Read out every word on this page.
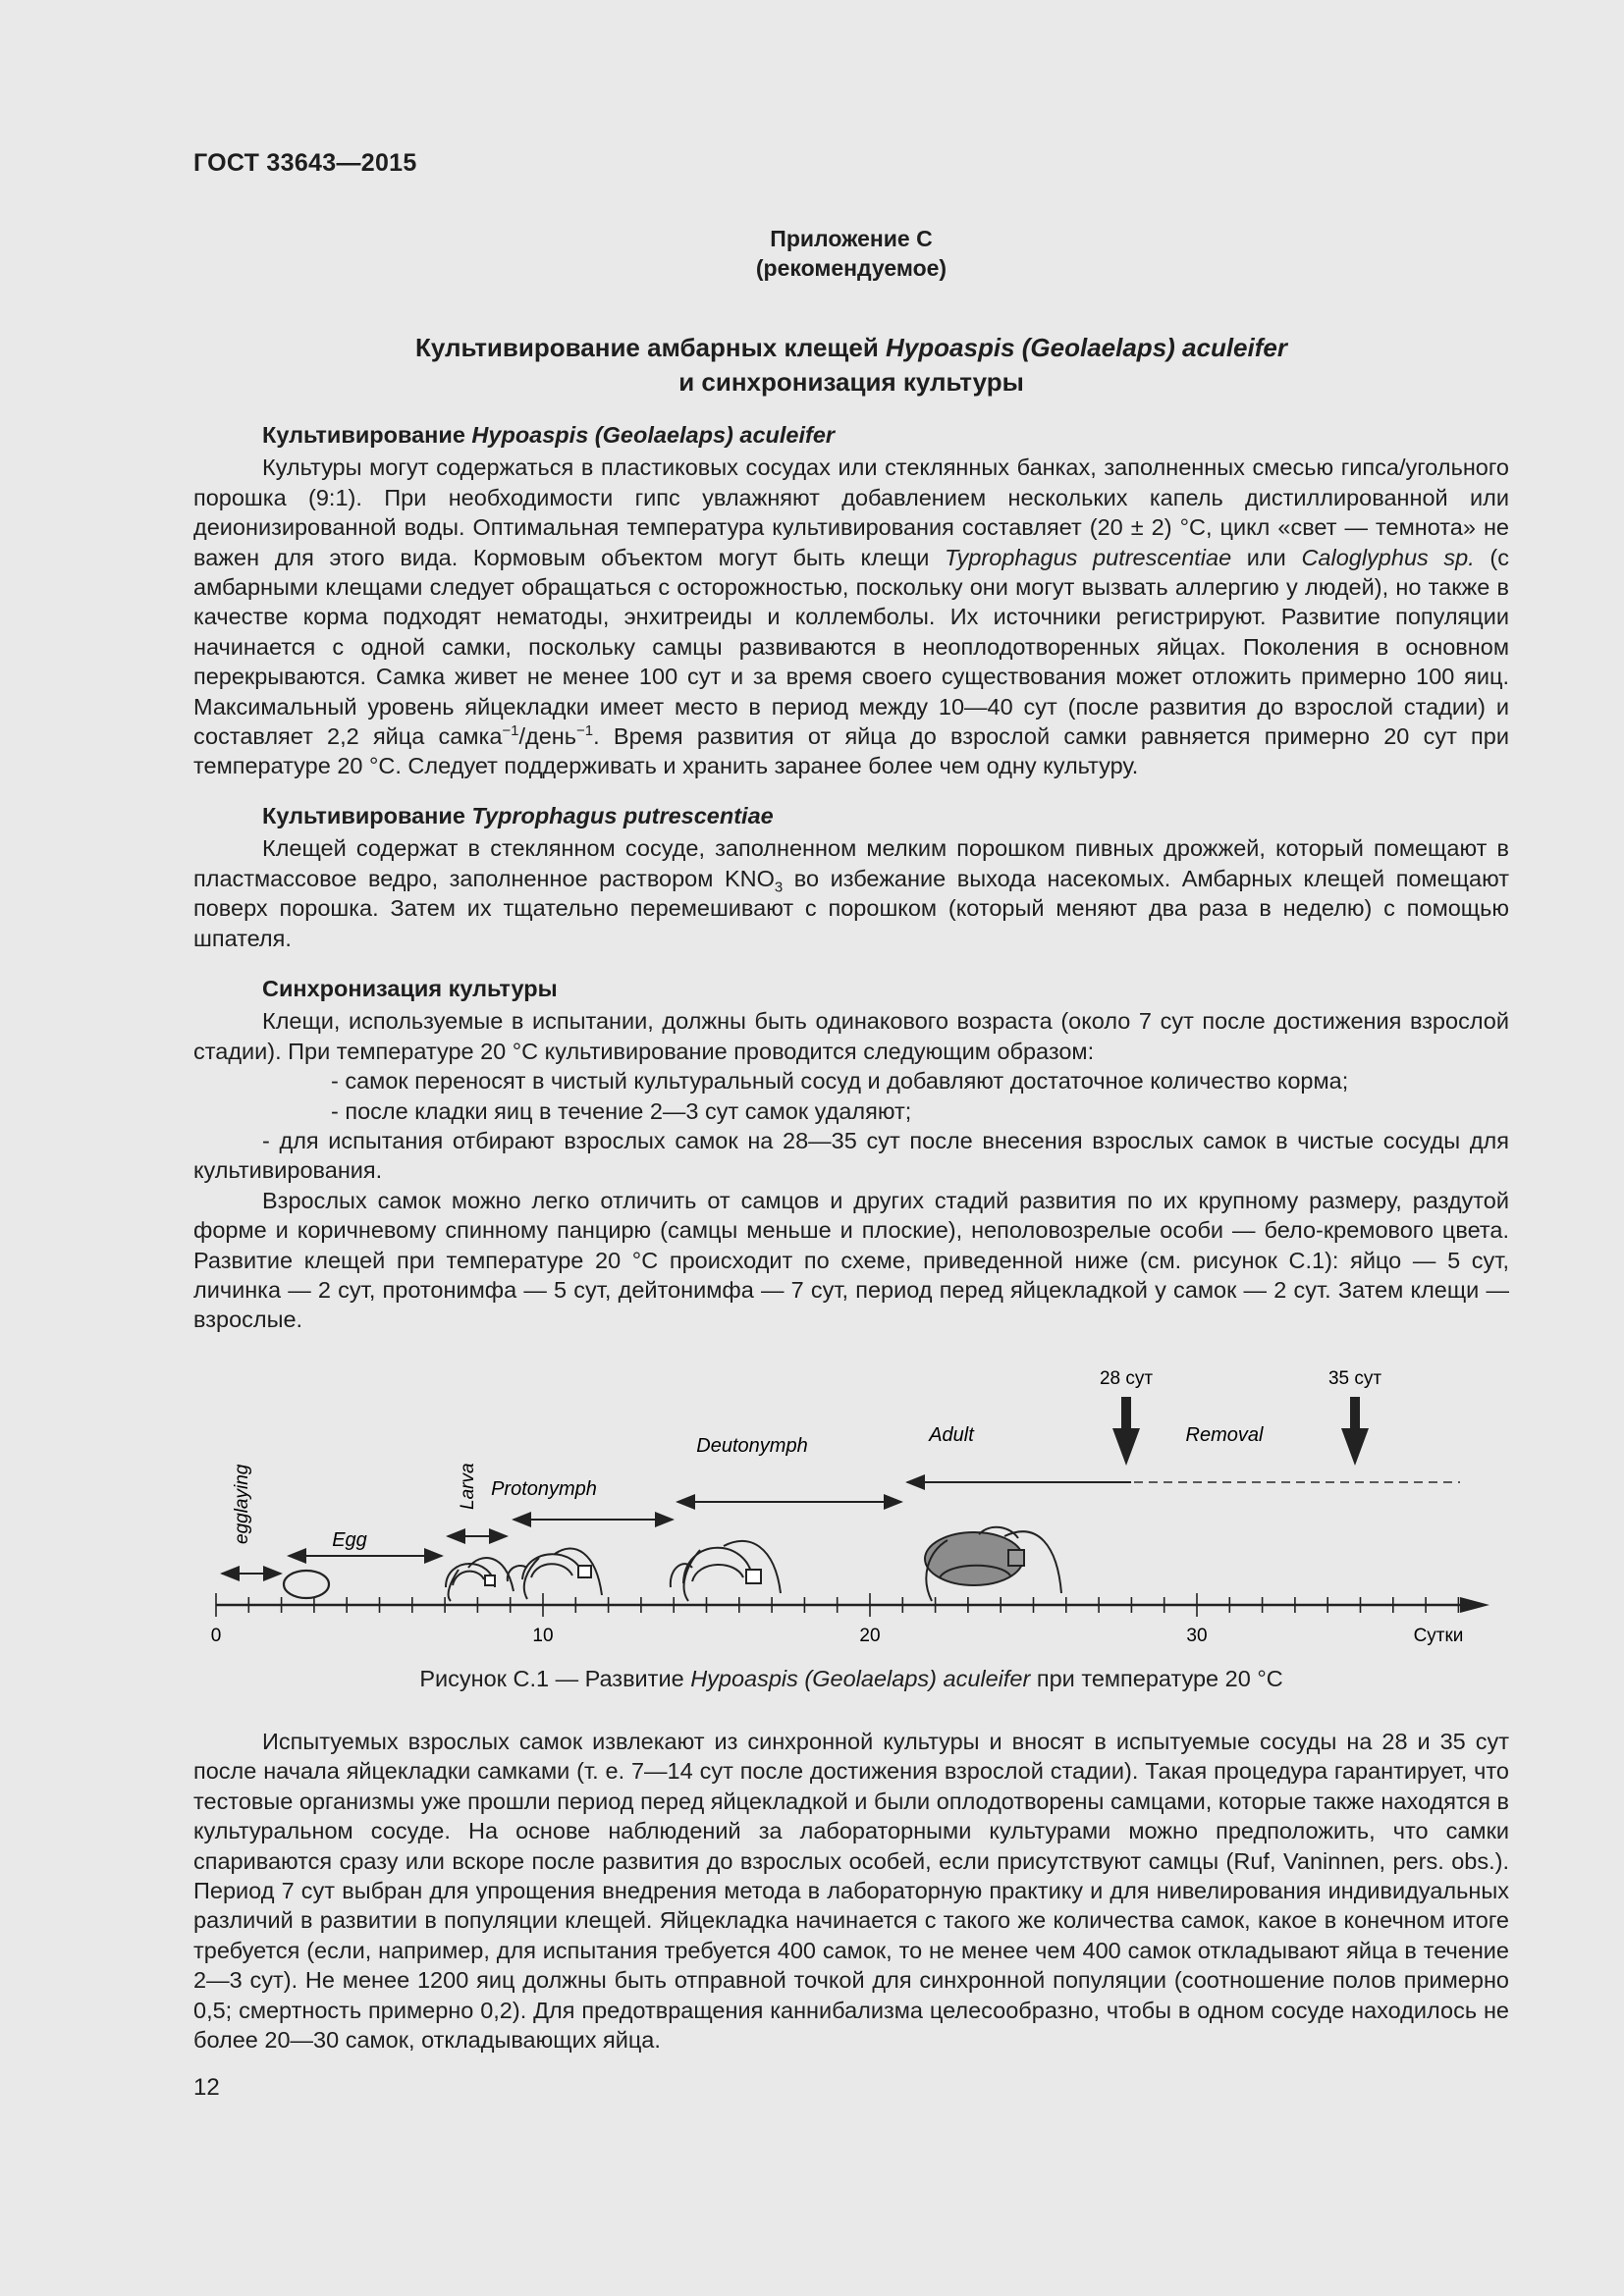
ГОСТ 33643—2015
Приложение С
(рекомендуемое)
Культивирование амбарных клещей Hypoaspis (Geolaelaps) aculeifer
и синхронизация культуры
Культивирование Hypoaspis (Geolaelaps) aculeifer

Культуры могут содержаться в пластиковых сосудах или стеклянных банках, заполненных смесью гипса/угольного порошка (9:1). При необходимости гипс увлажняют добавлением нескольких капель дистиллированной или деионизированной воды. Оптимальная температура культивирования составляет (20 ± 2) °С, цикл «свет — темнота» не важен для этого вида. Кормовым объектом могут быть клещи Typrophagus putrescentiae или Caloglyphus sp. (с амбарными клещами следует обращаться с осторожностью, поскольку они могут вызвать аллергию у людей), но также в качестве корма подходят нематоды, энхитреиды и коллемболы. Их источники регистрируют. Развитие популяции начинается с одной самки, поскольку самцы развиваются в неоплодотворенных яйцах. Поколения в основном перекрываются. Самка живет не менее 100 сут и за время своего существования может отложить примерно 100 яиц. Максимальный уровень яйцекладки имеет место в период между 10—40 сут (после развития до взрослой стадии) и составляет 2,2 яйца самка$^{-1}$/день$^{-1}$. Время развития от яйца до взрослой самки равняется примерно 20 сут при температуре 20 °С. Следует поддерживать и хранить заранее более чем одну культуру.

Культивирование Typrophagus putrescentiae

Клещей содержат в стеклянном сосуде, заполненном мелким порошком пивных дрожжей, который помещают в пластмассовое ведро, заполненное раствором $KNO_3$ во избежание выхода насекомых. Амбарных клещей помещают поверх порошка. Затем их тщательно перемешивают с порошком (который меняют два раза в неделю) с помощью шпателя.

Синхронизация культуры

Клещи, используемые в испытании, должны быть одинакового возраста (около 7 сут после достижения взрослой стадии). При температуре 20 °С культивирование проводится следующим образом:

- самок переносят в чистый культуральный сосуд и добавляют достаточное количество корма;

- после кладки яиц в течение 2—3 сут самок удаляют;

- для испытания отбирают взрослых самок на 28—35 сут после внесения взрослых самок в чистые сосуды для культивирования.

Взрослых самок можно легко отличить от самцов и других стадий развития по их крупному размеру, раздутой форме и коричневому спинному панцирю (самцы меньше и плоские), неполовозрелые особи — бело-кремового цвета. Развитие клещей при температуре 20 °С происходит по схеме, приведенной ниже (см. рисунок С.1): яйцо — 5 сут, личинка — 2 сут, протонимфа — 5 сут, дейтонимфа — 7 сут, период перед яйцекладкой у самок — 2 сут. Затем клещи — взрослые.

0	10	20	30	Сутки
egglaying	Egg
Larva Protonymph
Deutonymph	Adult	Removal
28 сут	35 сут
Рисунок С.1 — Развитие Hypoaspis (Geolaelaps) aculeifer при температуре 20 °С

Испытуемых взрослых самок извлекают из синхронной культуры и вносят в испытуемые сосуды на 28 и 35 сут после начала яйцекладки самками (т. е. 7—14 сут после достижения взрослой стадии). Такая процедура гарантирует, что тестовые организмы уже прошли период перед яйцекладкой и были оплодотворены самцами, которые также находятся в культуральном сосуде. На основе наблюдений за лабораторными культурами можно предположить, что самки спариваются сразу или вскоре после развития до взрослых особей, если присутствуют самцы (Ruf, Vaninnen, pers. obs.). Период 7 сут выбран для упрощения внедрения метода в лабораторную практику и для нивелирования индивидуальных различий в развитии в популяции клещей. Яйцекладка начинается с такого же количества самок, какое в конечном итоге требуется (если, например, для испытания требуется 400 самок, то не менее чем 400 самок откладывают яйца в течение 2—3 сут). Не менее 1200 яиц должны быть отправной точкой для синхронной популяции (соотношение полов примерно 0,5; смертность примерно 0,2). Для предотвращения каннибализма целесообразно, чтобы в одном сосуде находилось не более 20—30 самок, откладывающих яйца.

12
